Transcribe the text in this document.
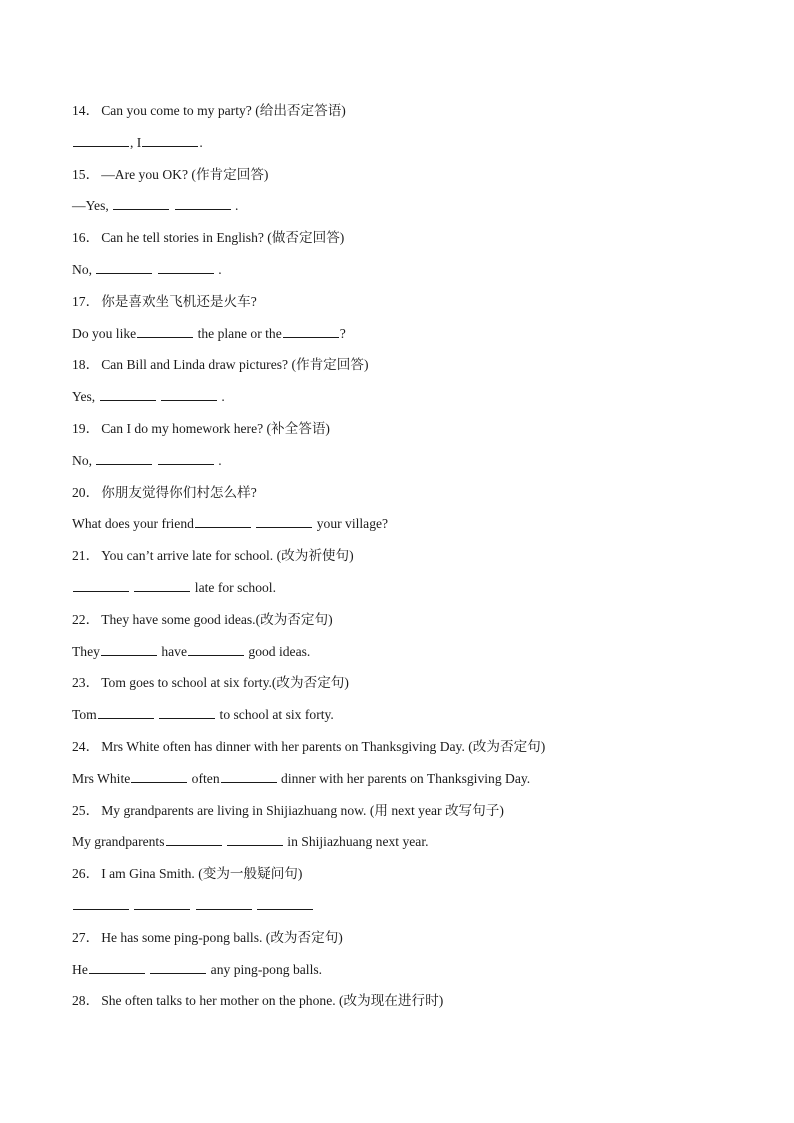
14． Can you come to my party? (给出否定答语)
, I	.
15． —Are you OK? (作肯定回答)
—Yes,	.
16． Can he tell stories in English? (做否定回答)
No,	.
17． 你是喜欢坐飞机还是火车?
Do you like	the plane or the	?
18． Can Bill and Linda draw pictures? (作肯定回答)
Yes,	.
19． Can I do my homework here? (补全答语)
No,	.
20． 你朋友觉得你们村怎么样?
What does your friend	your village?
21． You can’t arrive late for school. (改为祈使句)
late for school.
22． They have some good ideas.(改为否定句)
They	have	good ideas.
23． Tom goes to school at six forty.(改为否定句)
Tom	to school at six forty.
24． Mrs White often has dinner with her parents on Thanksgiving Day. (改为否定句)
Mrs White	often	dinner with her parents on Thanksgiving Day.
25． My grandparents are living in Shijiazhuang now. (用 next year 改写句子)
My grandparents	in Shijiazhuang next year.
26． I am Gina Smith. (变为一般疑问句)

27． He has some ping-pong balls. (改为否定句)
He	any ping-pong balls.
28． She often talks to her mother on the phone. (改为现在进行时)
